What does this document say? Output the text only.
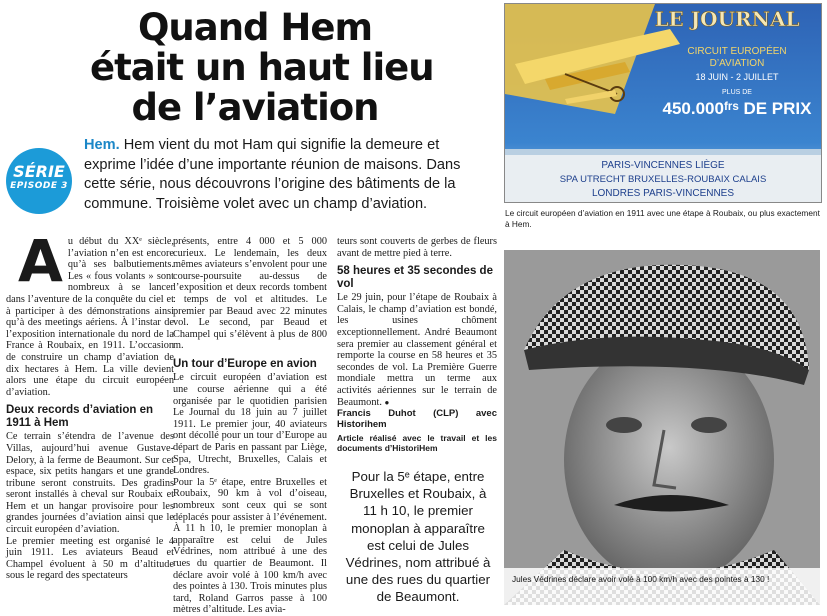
Quand Hem
était un haut lieu
de l’aviation
SÉRIE
EPISODE 3
Hem. Hem vient du mot Ham qui signifie la demeure et exprime l’idée d’une importante réunion de maisons. Dans cette série, nous découvrons l’origine des bâtiments de la commune. Troisième volet avec un champ d’aviation.

Au début du XXᵉ siècle, l’aviation n’en est encore qu’à ses balbutiements. Les « fous volants » sont nombreux à se lancer dans l’aventure de la conquête du ciel et à participer à des démonstrations ainsi qu’à des meetings aériens. À l’instar de l’exposition internationale du nord de la France à Roubaix, en 1911. L’occasion de construire un champ d’aviation de dix hectares à Hem. La ville devient alors une étape du circuit européen d’aviation.

Deux records d’aviation en 1911 à Hem

Ce terrain s’étendra de l’avenue des Villas, aujourd’hui avenue Gustave-Delory, à la ferme de Beaumont. Sur cet espace, six petits hangars et une grande tribune seront construits. Des gradins seront installés à cheval sur Roubaix et Hem et un hangar provisoire pour les grandes journées d’aviation ainsi que le circuit européen d’aviation.

Le premier meeting est organisé le 4 juin 1911. Les aviateurs Beaud et Champel évoluent à 50 m d’altitude sous le regard des spectateurs

présents, entre 4 000 et 5 000 curieux. Le lendemain, les deux mêmes aviateurs s’envolent pour une course-poursuite au-dessus de l’exposition et deux records tombent : temps de vol et altitudes. Le premier par Beaud avec 22 minutes vol. Le second, par Beaud et Champel qui s’élèvent à plus de 800 m.

Un tour d’Europe en avion

Le circuit européen d’aviation est une course aérienne qui a été organisée par le quotidien parisien Le Journal du 18 juin au 7 juillet 1911. Le premier jour, 40 aviateurs ont décollé pour un tour d’Europe au départ de Paris en passant par Liège, Spa, Utrecht, Bruxelles, Calais et Londres.

Pour la 5ᵉ étape, entre Bruxelles et Roubaix, 90 km à vol d’oiseau, nombreux sont ceux qui se sont déplacés pour assister à l’événement. À 11 h 10, le premier monoplan à apparaître est celui de Jules Védrines, nom attribué à une des rues du quartier de Beaumont. Il déclare avoir volé à 100 km/h avec des pointes à 130. Trois minutes plus tard, Roland Garros passe à 100 mètres d’altitude. Les avia-

teurs sont couverts de gerbes de fleurs avant de mettre pied à terre.

58 heures et 35 secondes de vol

Le 29 juin, pour l’étape de Roubaix à Calais, le champ d’aviation est bondé, les usines chôment exceptionnellement. André Beaumont sera premier au classement général et remporte la course en 58 heures et 35 secondes de vol. La Première Guerre mondiale mettra un terme aux activités aériennes sur le terrain de Beaumont. ●

Francis Duhot (CLP) avec Historihem
Article réalisé avec le travail et les documents d’HistoriHem
Pour la 5ᵉ étape, entre Bruxelles et Roubaix, à 11 h 10, le premier monoplan à apparaître est celui de Jules Védrines, nom attribué à une des rues du quartier de Beaumont.
LE JOURNAL
CIRCUIT EUROPÉEN
D’AVIATION
18 JUIN - 2 JUILLET
PLUS DE
450.000ᶠʳˢ DE PRIX
PARIS-VINCENNES LIÈGE
SPA UTRECHT BRUXELLES-ROUBAIX CALAIS
LONDRES PARIS-VINCENNES
Le circuit européen d’aviation en 1911 avec une étape à Roubaix, ou plus exactement à Hem.
Jules Védrines déclare avoir volé à 100 km/h avec des pointes à 130 !
